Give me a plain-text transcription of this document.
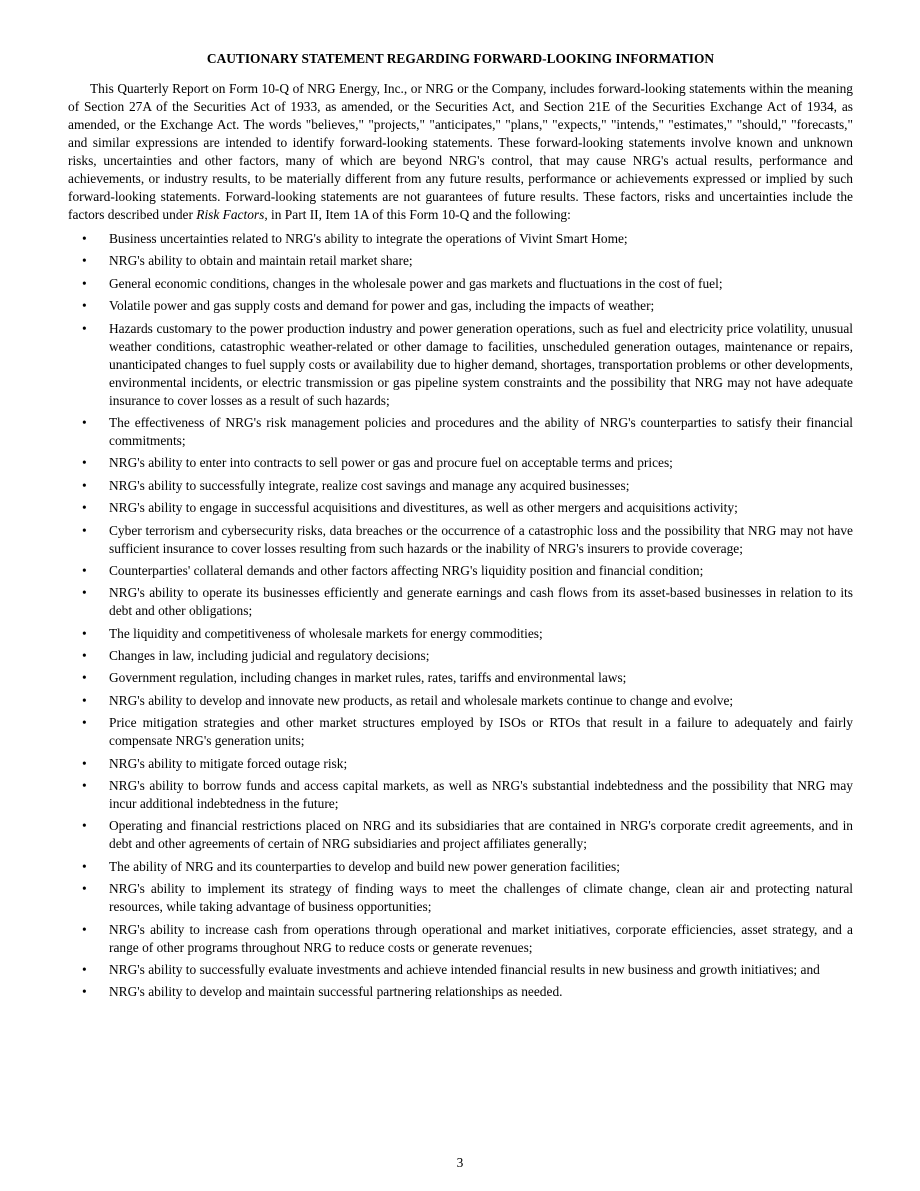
CAUTIONARY STATEMENT REGARDING FORWARD-LOOKING INFORMATION

This Quarterly Report on Form 10-Q of NRG Energy, Inc., or NRG or the Company, includes forward-looking statements within the meaning of Section 27A of the Securities Act of 1933, as amended, or the Securities Act, and Section 21E of the Securities Exchange Act of 1934, as amended, or the Exchange Act. The words "believes," "projects," "anticipates," "plans," "expects," "intends," "estimates," "should," "forecasts," and similar expressions are intended to identify forward-looking statements. These forward-looking statements involve known and unknown risks, uncertainties and other factors, many of which are beyond NRG's control, that may cause NRG's actual results, performance and achievements, or industry results, to be materially different from any future results, performance or achievements expressed or implied by such forward-looking statements. Forward-looking statements are not guarantees of future results. These factors, risks and uncertainties include the factors described under Risk Factors, in Part II, Item 1A of this Form 10-Q and the following:

• Business uncertainties related to NRG's ability to integrate the operations of Vivint Smart Home;
• NRG's ability to obtain and maintain retail market share;
• General economic conditions, changes in the wholesale power and gas markets and fluctuations in the cost of fuel;
• Volatile power and gas supply costs and demand for power and gas, including the impacts of weather;
• Hazards customary to the power production industry and power generation operations, such as fuel and electricity price volatility, unusual weather conditions, catastrophic weather-related or other damage to facilities, unscheduled generation outages, maintenance or repairs, unanticipated changes to fuel supply costs or availability due to higher demand, shortages, transportation problems or other developments, environmental incidents, or electric transmission or gas pipeline system constraints and the possibility that NRG may not have adequate insurance to cover losses as a result of such hazards;
• The effectiveness of NRG's risk management policies and procedures and the ability of NRG's counterparties to satisfy their financial commitments;
• NRG's ability to enter into contracts to sell power or gas and procure fuel on acceptable terms and prices;
• NRG's ability to successfully integrate, realize cost savings and manage any acquired businesses;
• NRG's ability to engage in successful acquisitions and divestitures, as well as other mergers and acquisitions activity;
• Cyber terrorism and cybersecurity risks, data breaches or the occurrence of a catastrophic loss and the possibility that NRG may not have sufficient insurance to cover losses resulting from such hazards or the inability of NRG's insurers to provide coverage;
• Counterparties' collateral demands and other factors affecting NRG's liquidity position and financial condition;
• NRG's ability to operate its businesses efficiently and generate earnings and cash flows from its asset-based businesses in relation to its debt and other obligations;
• The liquidity and competitiveness of wholesale markets for energy commodities;
• Changes in law, including judicial and regulatory decisions;
• Government regulation, including changes in market rules, rates, tariffs and environmental laws;
• NRG's ability to develop and innovate new products, as retail and wholesale markets continue to change and evolve;
• Price mitigation strategies and other market structures employed by ISOs or RTOs that result in a failure to adequately and fairly compensate NRG's generation units;
• NRG's ability to mitigate forced outage risk;
• NRG's ability to borrow funds and access capital markets, as well as NRG's substantial indebtedness and the possibility that NRG may incur additional indebtedness in the future;
• Operating and financial restrictions placed on NRG and its subsidiaries that are contained in NRG's corporate credit agreements, and in debt and other agreements of certain of NRG subsidiaries and project affiliates generally;
• The ability of NRG and its counterparties to develop and build new power generation facilities;
• NRG's ability to implement its strategy of finding ways to meet the challenges of climate change, clean air and protecting natural resources, while taking advantage of business opportunities;
• NRG's ability to increase cash from operations through operational and market initiatives, corporate efficiencies, asset strategy, and a range of other programs throughout NRG to reduce costs or generate revenues;
• NRG's ability to successfully evaluate investments and achieve intended financial results in new business and growth initiatives; and
• NRG's ability to develop and maintain successful partnering relationships as needed.
3
